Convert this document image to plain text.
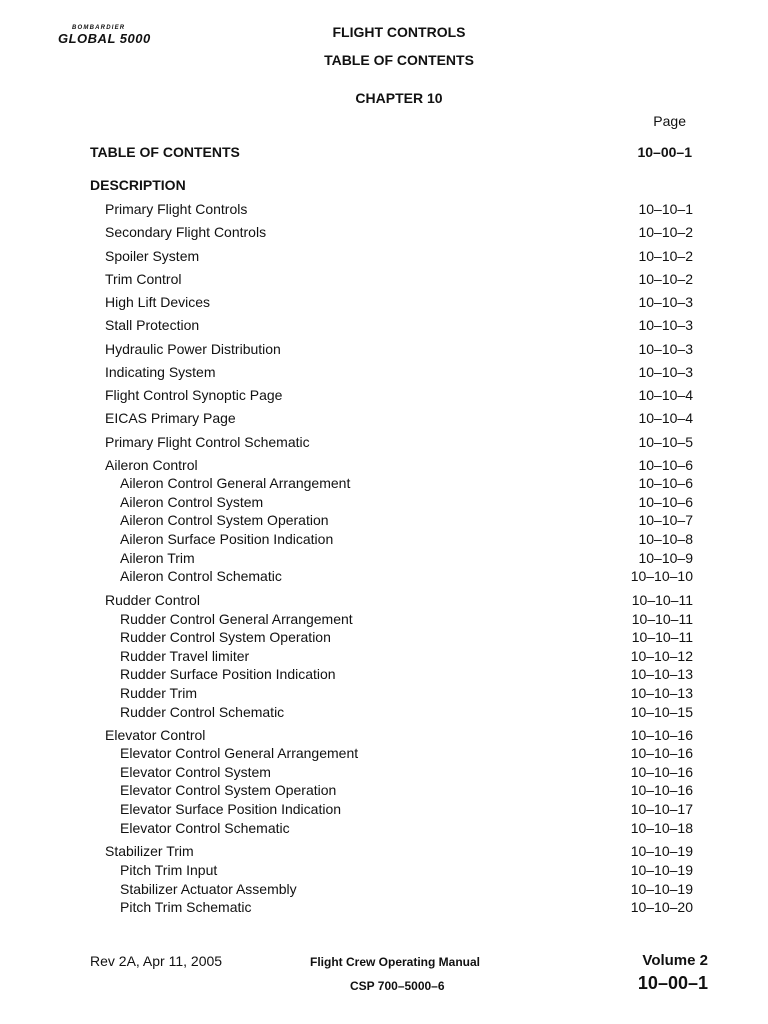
BOMBARDIER
GLOBAL 5000	FLIGHT CONTROLS
TABLE OF CONTENTS
CHAPTER 10
Page
TABLE OF CONTENTS	10–00–1
DESCRIPTION
Primary Flight Controls	10–10–1
Secondary Flight Controls	10–10–2
Spoiler System	10–10–2
Trim Control	10–10–2
High Lift Devices	10–10–3
Stall Protection	10–10–3
Hydraulic Power Distribution	10–10–3
Indicating System	10–10–3
Flight Control Synoptic Page	10–10–4
EICAS Primary Page	10–10–4
Primary Flight Control Schematic	10–10–5
Aileron Control	10–10–6
Aileron Control General Arrangement	10–10–6
Aileron Control System	10–10–6
Aileron Control System Operation	10–10–7
Aileron Surface Position Indication	10–10–8
Aileron Trim	10–10–9
Aileron Control Schematic	10–10–10
Rudder Control	10–10–11
Rudder Control General Arrangement	10–10–11
Rudder Control System Operation	10–10–11
Rudder Travel limiter	10–10–12
Rudder Surface Position Indication	10–10–13
Rudder Trim	10–10–13
Rudder Control Schematic	10–10–15
Elevator Control	10–10–16
Elevator Control General Arrangement	10–10–16
Elevator Control System	10–10–16
Elevator Control System Operation	10–10–16
Elevator Surface Position Indication	10–10–17
Elevator Control Schematic	10–10–18
Stabilizer Trim	10–10–19
Pitch Trim Input	10–10–19
Stabilizer Actuator Assembly	10–10–19
Pitch Trim Schematic	10–10–20
Rev 2A, Apr 11, 2005	Flight Crew Operating Manual
CSP 700–5000–6
Volume 2
10–00–1
